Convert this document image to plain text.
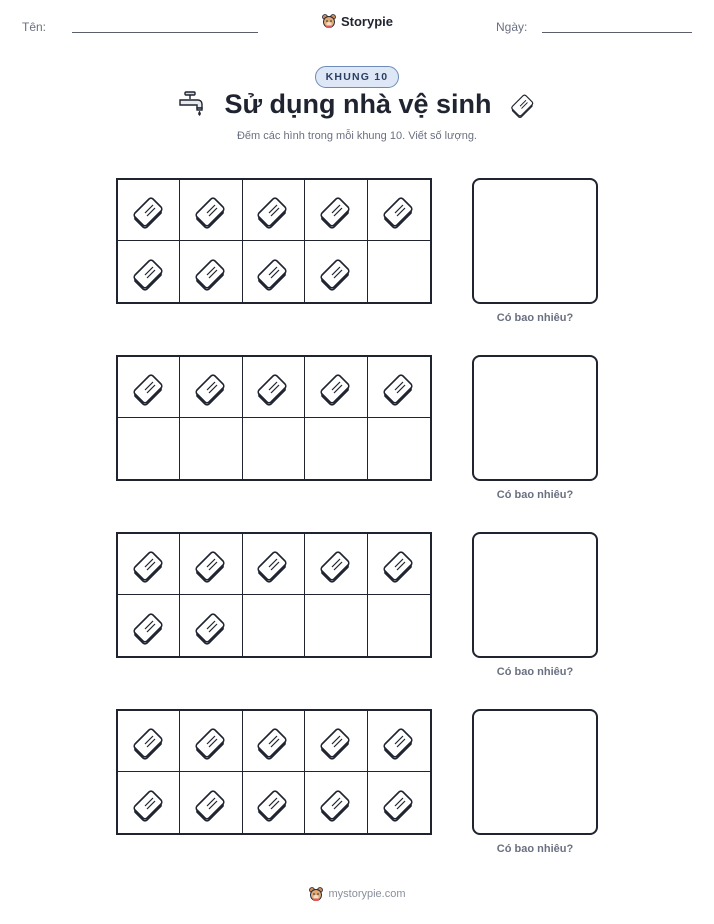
Tên:	Ngày:
Storypie
KHUNG 10
Sử dụng nhà vệ sinh
Đếm các hình trong mỗi khung 10. Viết số lượng.
Có bao nhiêu?
Có bao nhiêu?
Có bao nhiêu?
Có bao nhiêu?
mystorypie.com
